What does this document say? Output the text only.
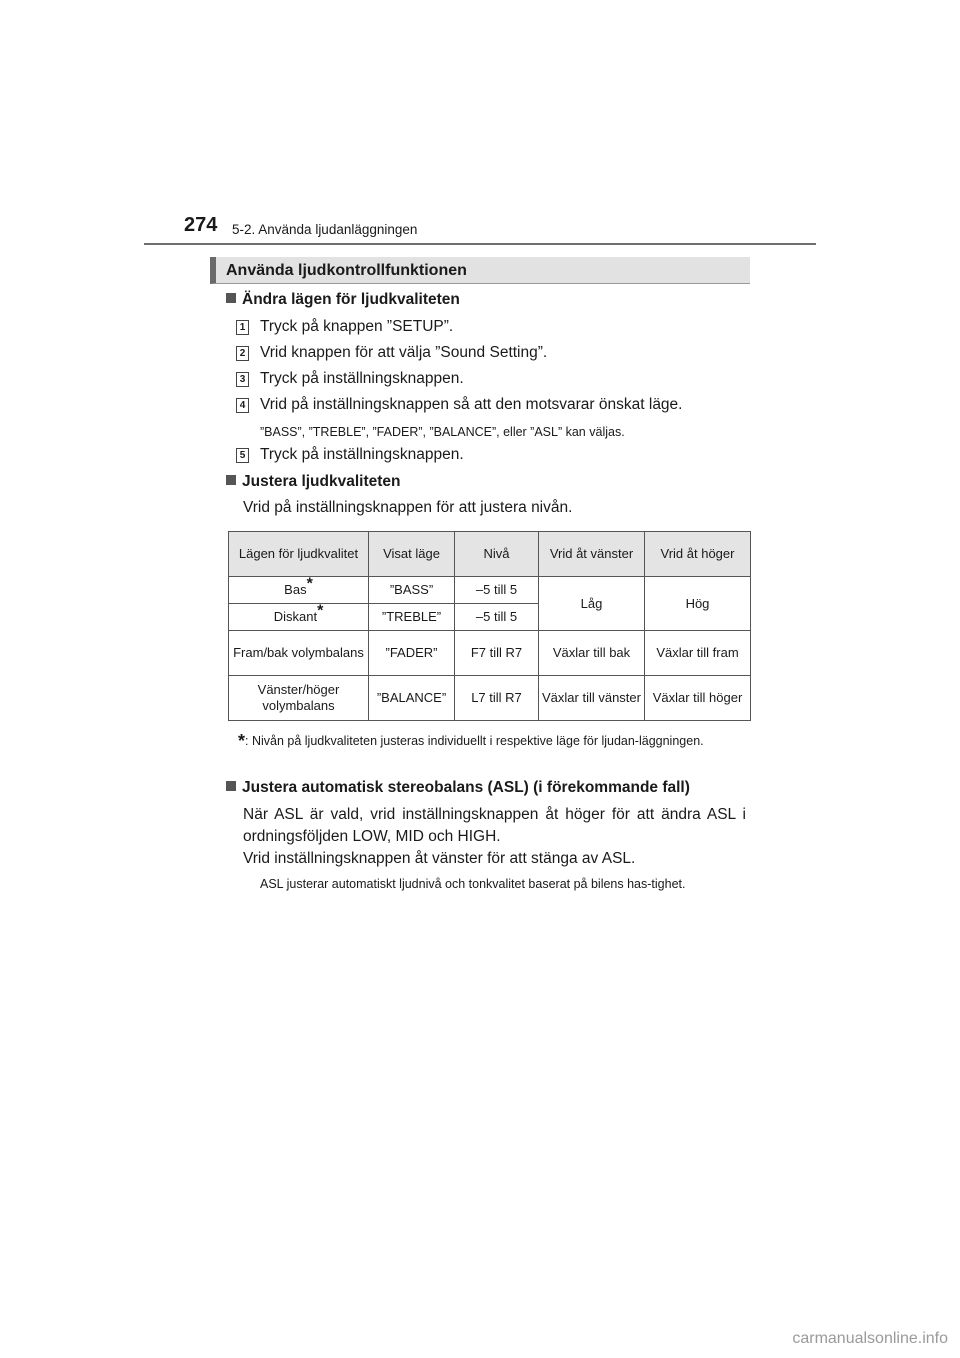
274 5-2. Använda ljudanläggningen
Använda ljudkontrollfunktionen
Ändra lägen för ljudkvaliteten
1 Tryck på knappen ”SETUP”.
2 Vrid knappen för att välja ”Sound Setting”.
3 Tryck på inställningsknappen.
4 Vrid på inställningsknappen så att den motsvarar önskat läge.
”BASS”, ”TREBLE”, ”FADER”, ”BALANCE”, eller ”ASL” kan väljas.
5 Tryck på inställningsknappen.
Justera ljudkvaliteten
Vrid på inställningsknappen för att justera nivån.
Lägen för ljudkvalitet	Visat läge	Nivå	Vrid åt vänster	Vrid åt höger
Bas*	”BASS”	–5 till 5	Låg	Hög
Diskant*	”TREBLE”	–5 till 5		
Fram/bak volymbalans	”FADER”	F7 till R7	Växlar till bak	Växlar till fram
Vänster/höger volymbalans	”BALANCE”	L7 till R7	Växlar till vänster	Växlar till höger
*: Nivån på ljudkvaliteten justeras individuellt i respektive läge för ljudan-läggningen.
Justera automatisk stereobalans (ASL) (i förekommande fall)
När ASL är vald, vrid inställningsknappen åt höger för att ändra ASL i ordningsföljden LOW, MID och HIGH.
Vrid inställningsknappen åt vänster för att stänga av ASL.
ASL justerar automatiskt ljudnivå och tonkvalitet baserat på bilens has-tighet.
carmanualsonline.info
